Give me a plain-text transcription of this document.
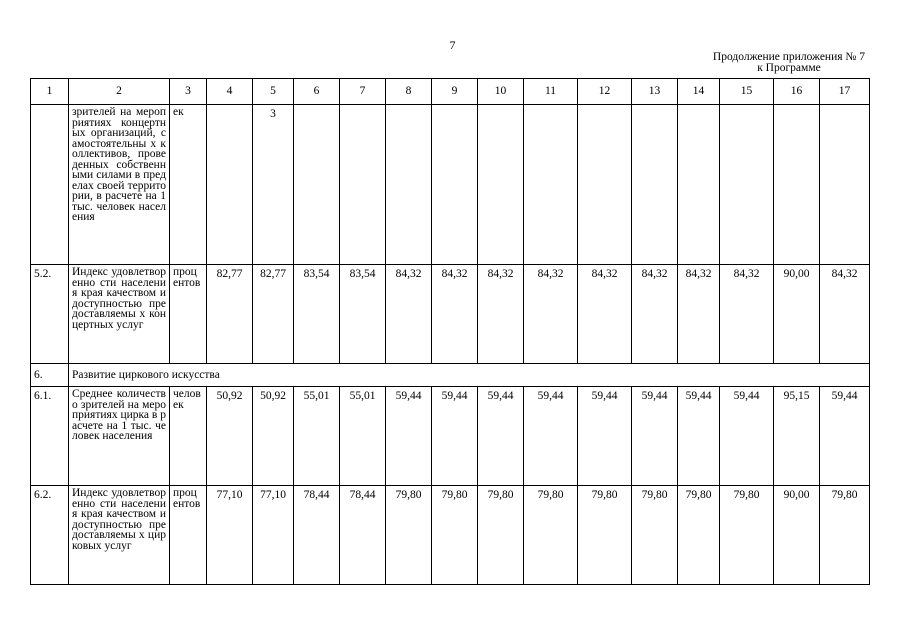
7
Продолжение приложения № 7
к Программе
1	2	3	4	5	6	7	8	9	10	11	12	13	14	15	16	17
	зрителей на мероприятиях концертных организаций, самостоятельны х коллективов, проведенных собственными силами в пределах своей территории, в расчете на 1 тыс. человек населения	ек		3												
5.2.	Индекс удовлетворенно сти населения края качеством и доступностью предоставляемы х концертных услуг	проц ентов	82,77	82,77	83,54	83,54	84,32	84,32	84,32	84,32	84,32	84,32	84,32	84,32	90,00	84,32
6.	Развитие циркового искусства															
6.1.	Среднее количество зрителей на мероприятиях цирка в расчете на 1 тыс. человек населения	челов ек	50,92	50,92	55,01	55,01	59,44	59,44	59,44	59,44	59,44	59,44	59,44	59,44	95,15	59,44
6.2.	Индекс удовлетворенно сти населения края качеством и доступностью предоставляемы х цирковых услуг	проц ентов	77,10	77,10	78,44	78,44	79,80	79,80	79,80	79,80	79,80	79,80	79,80	79,80	90,00	79,80
